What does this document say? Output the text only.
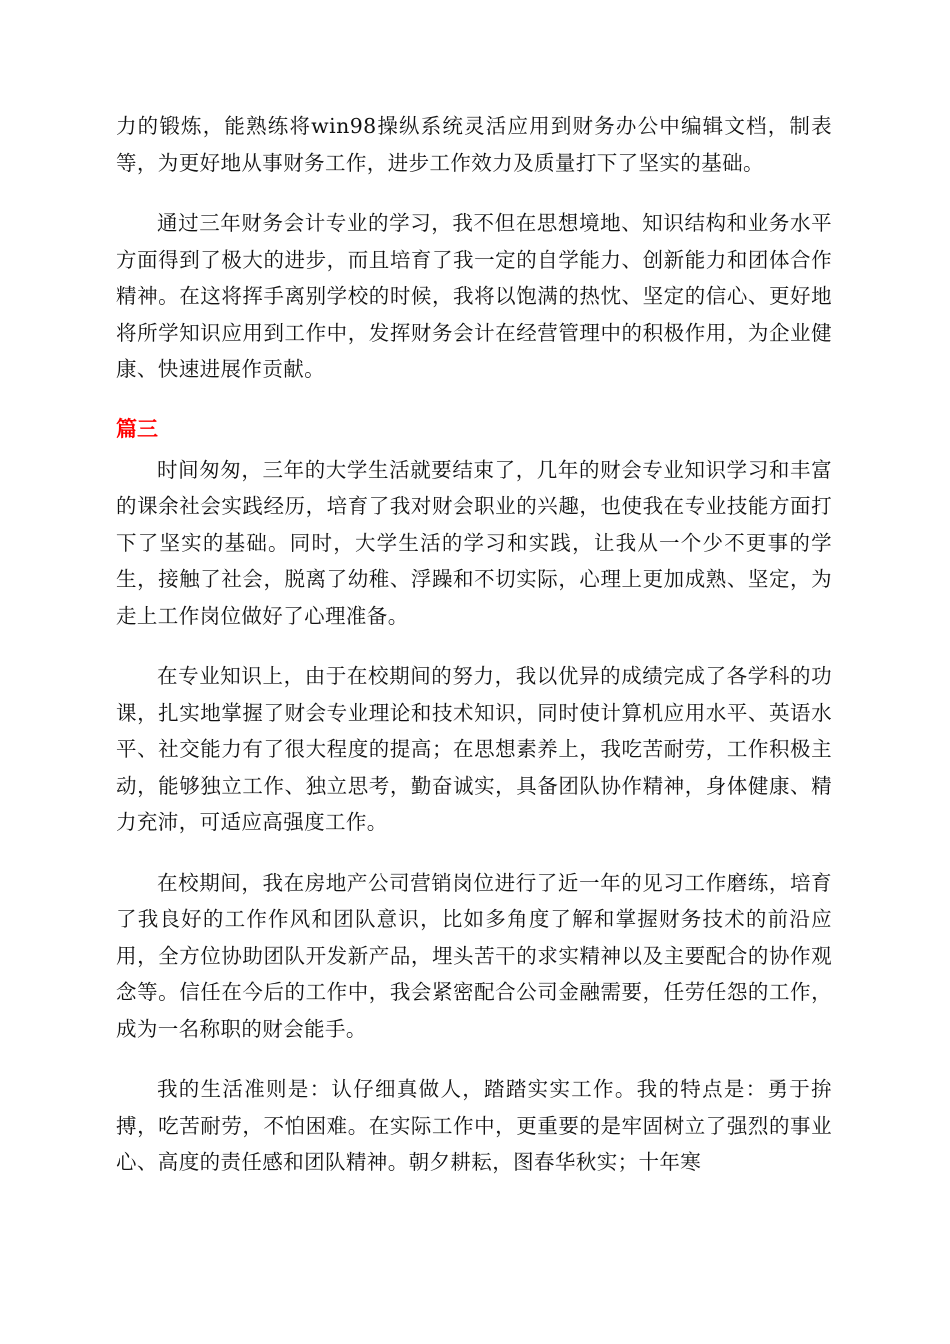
力的锻炼，能熟练将win98操纵系统灵活应用到财务办公中编辑文档，制表等，为更好地从事财务工作，进步工作效力及质量打下了坚实的基础。

通过三年财务会计专业的学习，我不但在思想境地、知识结构和业务水平方面得到了极大的进步，而且培育了我一定的自学能力、创新能力和团体合作精神。在这将挥手离别学校的时候，我将以饱满的热忱、坚定的信心、更好地将所学知识应用到工作中，发挥财务会计在经营管理中的积极作用，为企业健康、快速进展作贡献。

篇三

时间匆匆，三年的大学生活就要结束了，几年的财会专业知识学习和丰富的课余社会实践经历，培育了我对财会职业的兴趣，也使我在专业技能方面打下了坚实的基础。同时，大学生活的学习和实践，让我从一个少不更事的学生，接触了社会，脱离了幼稚、浮躁和不切实际，心理上更加成熟、坚定，为走上工作岗位做好了心理准备。

在专业知识上，由于在校期间的努力，我以优异的成绩完成了各学科的功课，扎实地掌握了财会专业理论和技术知识，同时使计算机应用水平、英语水平、社交能力有了很大程度的提高；在思想素养上，我吃苦耐劳，工作积极主动，能够独立工作、独立思考，勤奋诚实，具备团队协作精神，身体健康、精力充沛，可适应高强度工作。

在校期间，我在房地产公司营销岗位进行了近一年的见习工作磨练，培育了我良好的工作作风和团队意识，比如多角度了解和掌握财务技术的前沿应用，全方位协助团队开发新产品，埋头苦干的求实精神以及主要配合的协作观念等。信任在今后的工作中，我会紧密配合公司金融需要，任劳任怨的工作，成为一名称职的财会能手。

我的生活准则是：认仔细真做人，踏踏实实工作。我的特点是：勇于拚搏，吃苦耐劳，不怕困难。在实际工作中，更重要的是牢固树立了强烈的事业心、高度的责任感和团队精神。朝夕耕耘，图春华秋实；十年寒
